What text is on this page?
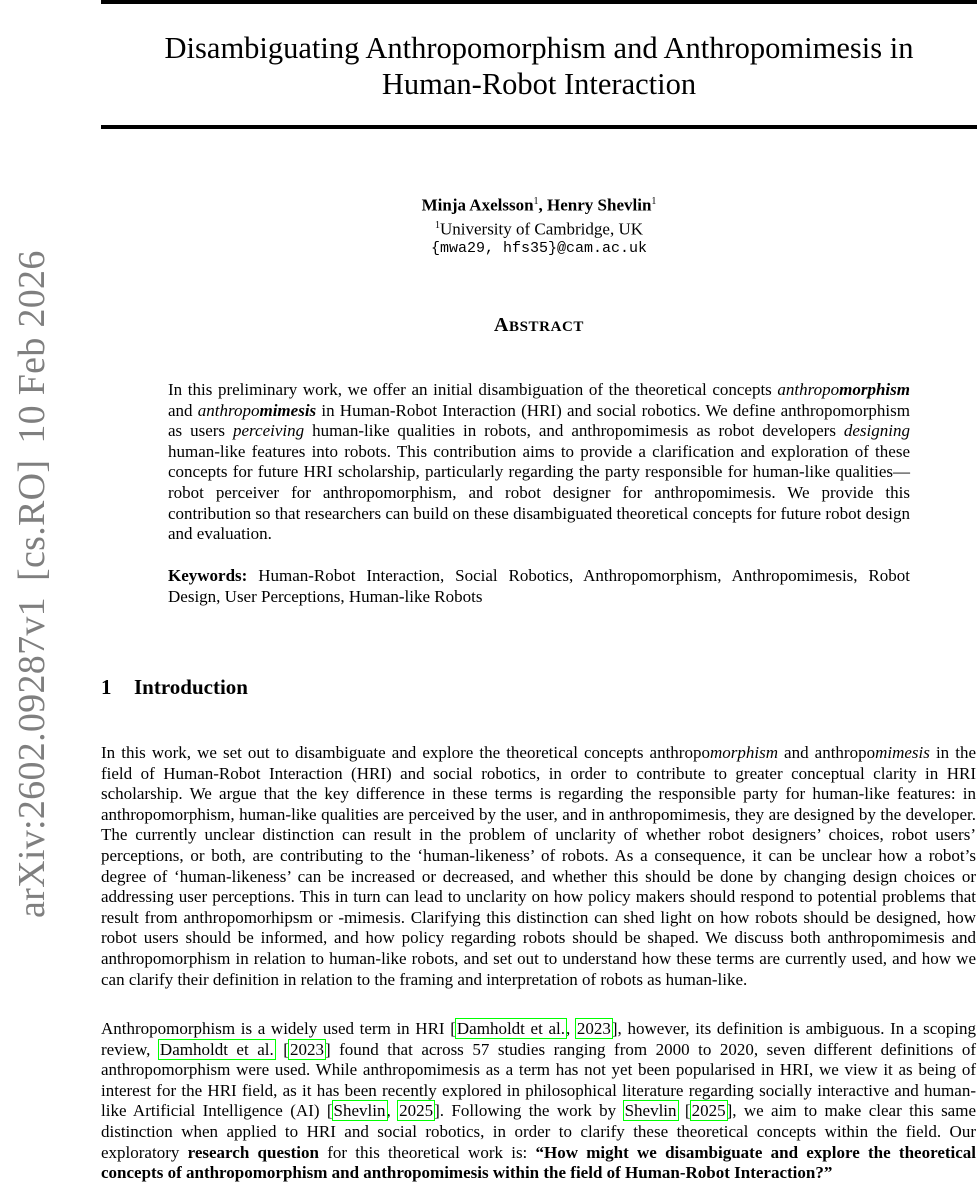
arXiv:2602.09287v1[cs.RO]10 Feb 2026
Disambiguating Anthropomorphism and Anthropomimesis in
Human-Robot Interaction
Minja Axelsson$^1$, Henry Shevlin$^1$
$^1$University of Cambridge, UK
{mwa29, hfs35}@cam.ac.uk
ABSTRACT
In this preliminary work, we offer an initial disambiguation of the theoretical concepts anthropomorphism and anthropomimesis in Human-Robot Interaction (HRI) and social robotics. We define anthropomorphism as users perceiving human-like qualities in robots, and anthropomimesis as robot developers designing human-like features into robots. This contribution aims to provide a clarification and exploration of these concepts for future HRI scholarship, particularly regarding the party responsible for human-like qualities—robot perceiver for anthropomorphism, and robot designer for anthropomimesis. We provide this contribution so that researchers can build on these disambiguated theoretical concepts for future robot design and evaluation.
Keywords: Human-Robot Interaction, Social Robotics, Anthropomorphism, Anthropomimesis, Robot Design, User Perceptions, Human-like Robots
1 Introduction
In this work, we set out to disambiguate and explore the theoretical concepts anthropomorphism and anthropomimesis in the field of Human-Robot Interaction (HRI) and social robotics, in order to contribute to greater conceptual clarity in HRI scholarship. We argue that the key difference in these terms is regarding the responsible party for human-like features: in anthropomorphism, human-like qualities are perceived by the user, and in anthropomimesis, they are designed by the developer. The currently unclear distinction can result in the problem of unclarity of whether robot designers’ choices, robot users’ perceptions, or both, are contributing to the ‘human-likeness’ of robots. As a consequence, it can be unclear how a robot’s degree of ‘human-likeness’ can be increased or decreased, and whether this should be done by changing design choices or addressing user perceptions. This in turn can lead to unclarity on how policy makers should respond to potential problems that result from anthropomorhipsm or -mimesis. Clarifying this distinction can shed light on how robots should be designed, how robot users should be informed, and how policy regarding robots should be shaped. We discuss both anthropomimesis and anthropomorphism in relation to human-like robots, and set out to understand how these terms are currently used, and how we can clarify their definition in relation to the framing and interpretation of robots as human-like.
Anthropomorphism is a widely used term in HRI [Damholdt et al., 2023], however, its definition is ambiguous. In a scoping review, Damholdt et al. [2023] found that across 57 studies ranging from 2000 to 2020, seven different definitions of anthropomorphism were used. While anthropomimesis as a term has not yet been popularised in HRI, we view it as being of interest for the HRI field, as it has been recently explored in philosophical literature regarding socially interactive and human-like Artificial Intelligence (AI) [Shevlin, 2025]. Following the work by Shevlin [2025], we aim to make clear this same distinction when applied to HRI and social robotics, in order to clarify these theoretical concepts within the field. Our exploratory research question for this theoretical work is: “How might we disambiguate and explore the theoretical concepts of anthropomorphism and anthropomimesis within the field of Human-Robot Interaction?”
